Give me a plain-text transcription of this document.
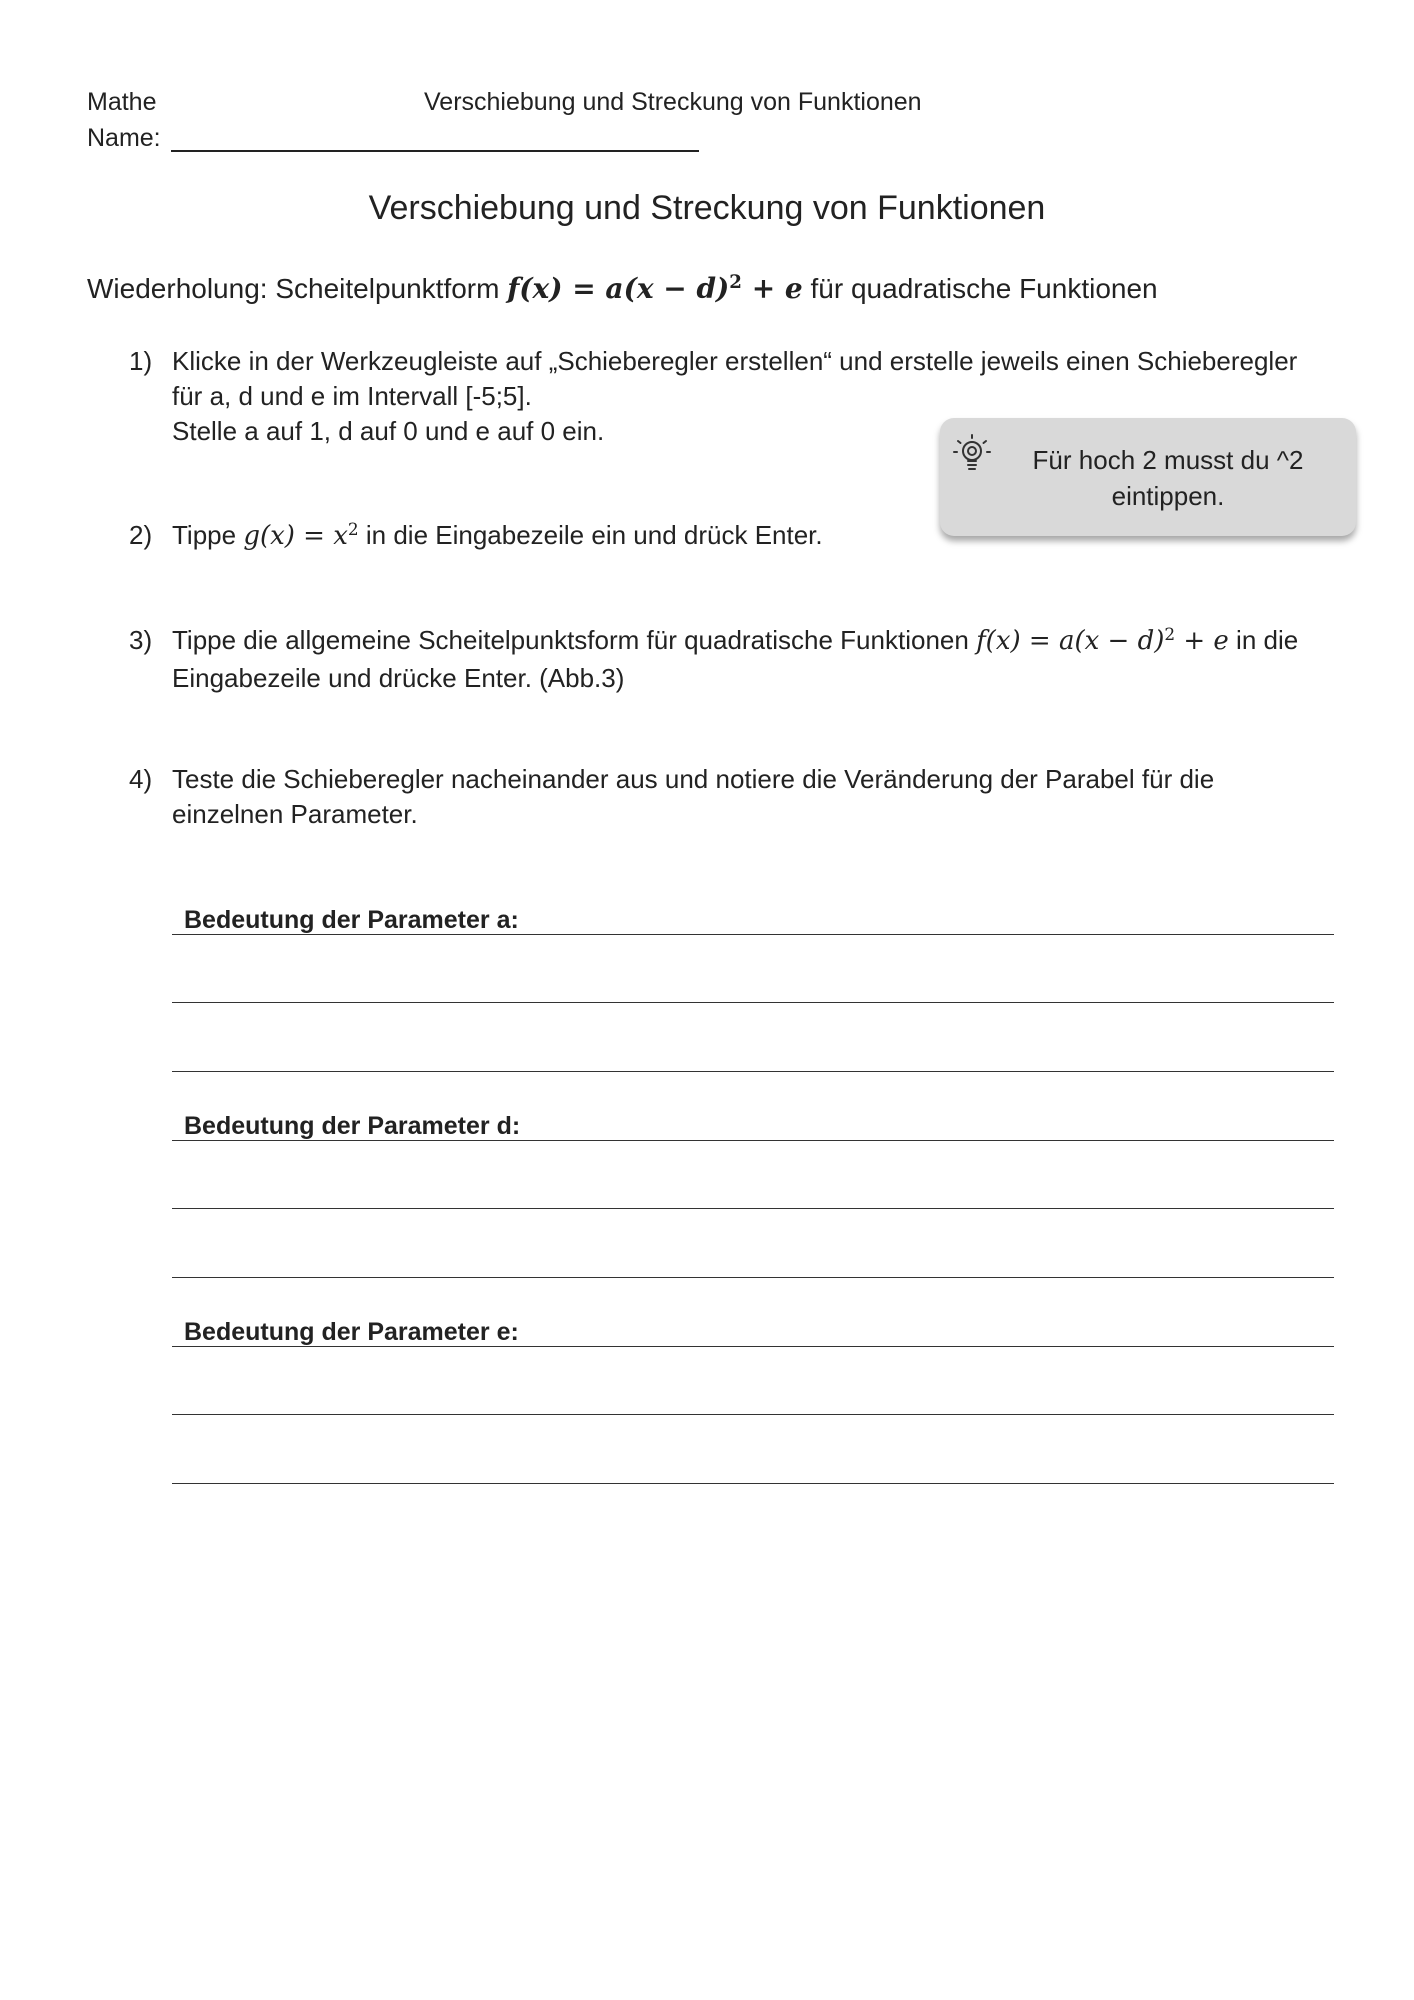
Mathe	Verschiebung und Streckung von Funktionen
Name:
Verschiebung und Streckung von Funktionen
Wiederholung: Scheitelpunktform $f(x) = a(x - d)^2 + e$ für quadratische Funktionen
1) Klicke in der Werkzeugleiste auf „Schieberegler erstellen“ und erstelle jeweils einen Schieberegler
für a, d und e im Intervall [-5;5].
Stelle a auf 1, d auf 0 und e auf 0 ein.
Für hoch 2 musst du ^2
eintippen.
2) Tippe $g(x) = x^2$ in die Eingabezeile ein und drück Enter.
3) Tippe die allgemeine Scheitelpunktsform für quadratische Funktionen $f(x) = a(x - d)^2 + e$ in die
Eingabezeile und drücke Enter. (Abb.3)
4) Teste die Schieberegler nacheinander aus und notiere die Veränderung der Parabel für die
einzelnen Parameter.
Bedeutung der Parameter a:
Bedeutung der Parameter d:
Bedeutung der Parameter e:
